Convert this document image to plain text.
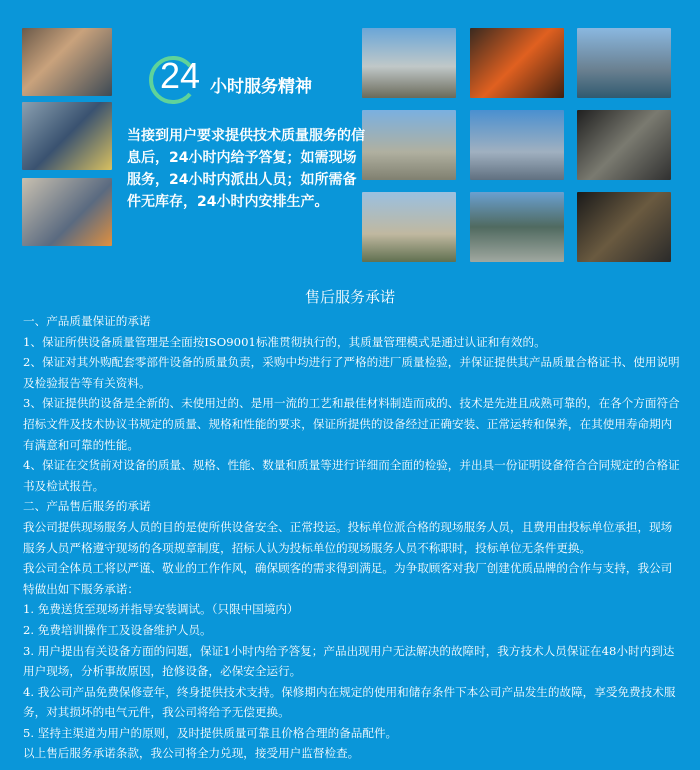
24 小时服务精神
当接到用户要求提供技术质量服务的信息后，24小时内给予答复；如需现场服务，24小时内派出人员；如所需备件无库存，24小时内安排生产。
售后服务承诺

一、产品质量保证的承诺

1、保证所供设备质量管理是全面按ISO9001标准贯彻执行的，其质量管理模式是通过认证和有效的。

2、保证对其外购配套零部件设备的质量负责，采购中均进行了严格的进厂质量检验，并保证提供其产品质量合格证书、使用说明及检验报告等有关资料。

3、保证提供的设备是全新的、未使用过的、是用一流的工艺和最佳材料制造而成的、技术是先进且成熟可靠的，在各个方面符合招标文件及技术协议书规定的质量、规格和性能的要求，保证所提供的设备经过正确安装、正常运转和保养，在其使用寿命期内有满意和可靠的性能。

4、保证在交货前对设备的质量、规格、性能、数量和质量等进行详细而全面的检验，并出具一份证明设备符合合同规定的合格证书及检试报告。

二、产品售后服务的承诺

我公司提供现场服务人员的目的是使所供设备安全、正常投运。投标单位派合格的现场服务人员，且费用由投标单位承担，现场服务人员严格遵守现场的各项规章制度，招标人认为投标单位的现场服务人员不称职时，投标单位无条件更换。

我公司全体员工将以严谨、敬业的工作作风，确保顾客的需求得到满足。为争取顾客对我厂创建优质品牌的合作与支持，我公司特做出如下服务承诺：

1. 免费送货至现场并指导安装调试。（只限中国境内）

2. 免费培训操作工及设备维护人员。

3. 用户提出有关设备方面的问题，保证1小时内给予答复；产品出现用户无法解决的故障时，我方技术人员保证在48小时内到达用户现场，分析事故原因，抢修设备，必保安全运行。

4. 我公司产品免费保修壹年，终身提供技术支持。保修期内在规定的使用和储存条件下本公司产品发生的故障，享受免费技术服务，对其损坏的电气元件，我公司将给予无偿更换。

5. 坚持主渠道为用户的原则，及时提供质量可靠且价格合理的备品配件。

以上售后服务承诺条款，我公司将全力兑现，接受用户监督检查。
